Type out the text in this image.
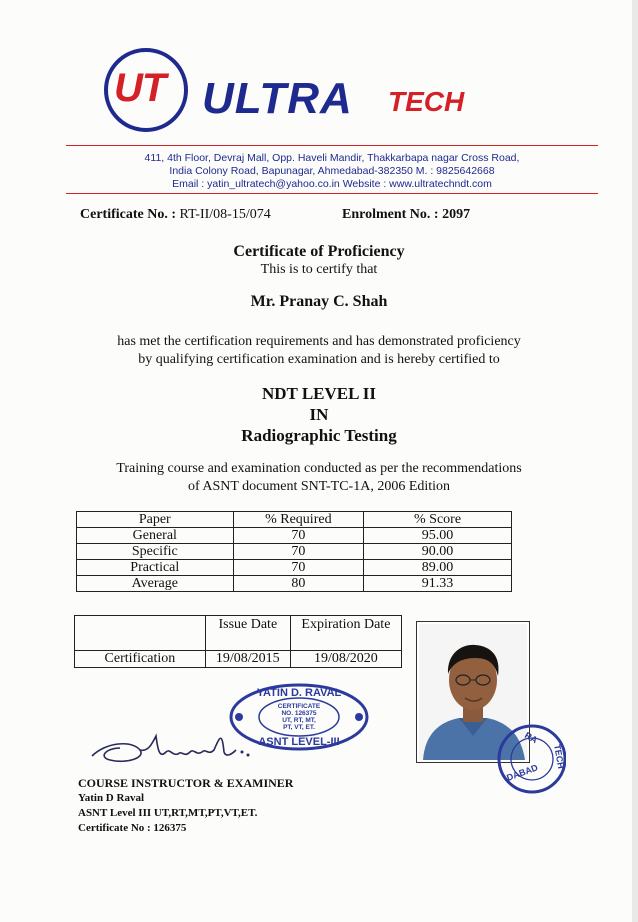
UT ULTRA TECH
411, 4th Floor, Devraj Mall, Opp. Haveli Mandir, Thakkarbapa nagar Cross Road,
India Colony Road, Bapunagar, Ahmedabad-382350 M. : 9825642668
Email : yatin_ultratech@yahoo.co.in Website : www.ultratechndt.com
Certificate No. : RT-II/08-15/074	Enrolment No. : 2097
Certificate of Proficiency
This is to certify that
Mr. Pranay C. Shah
has met the certification requirements and has demonstrated proficiency
by qualifying certification examination and is hereby certified to
NDT LEVEL II
IN
Radiographic Testing
Training course and examination conducted as per the recommendations
of ASNT document SNT-TC-1A, 2006 Edition
Paper	% Required	% Score
General	70	95.00
Specific	70	90.00
Practical	70	89.00
Average	80	91.33
	Issue Date	Expiration Date
Certification	19/08/2015	19/08/2020
YATIN D. RAVAL
CERTIFICATE
NO. 126375
UT, RT, MT,
PT, VT, ET.
ASNT LEVEL-III	RA
TECH
DABAD
COURSE INSTRUCTOR & EXAMINER
Yatin D Raval
ASNT Level III UT,RT,MT,PT,VT,ET.
Certificate No : 126375
